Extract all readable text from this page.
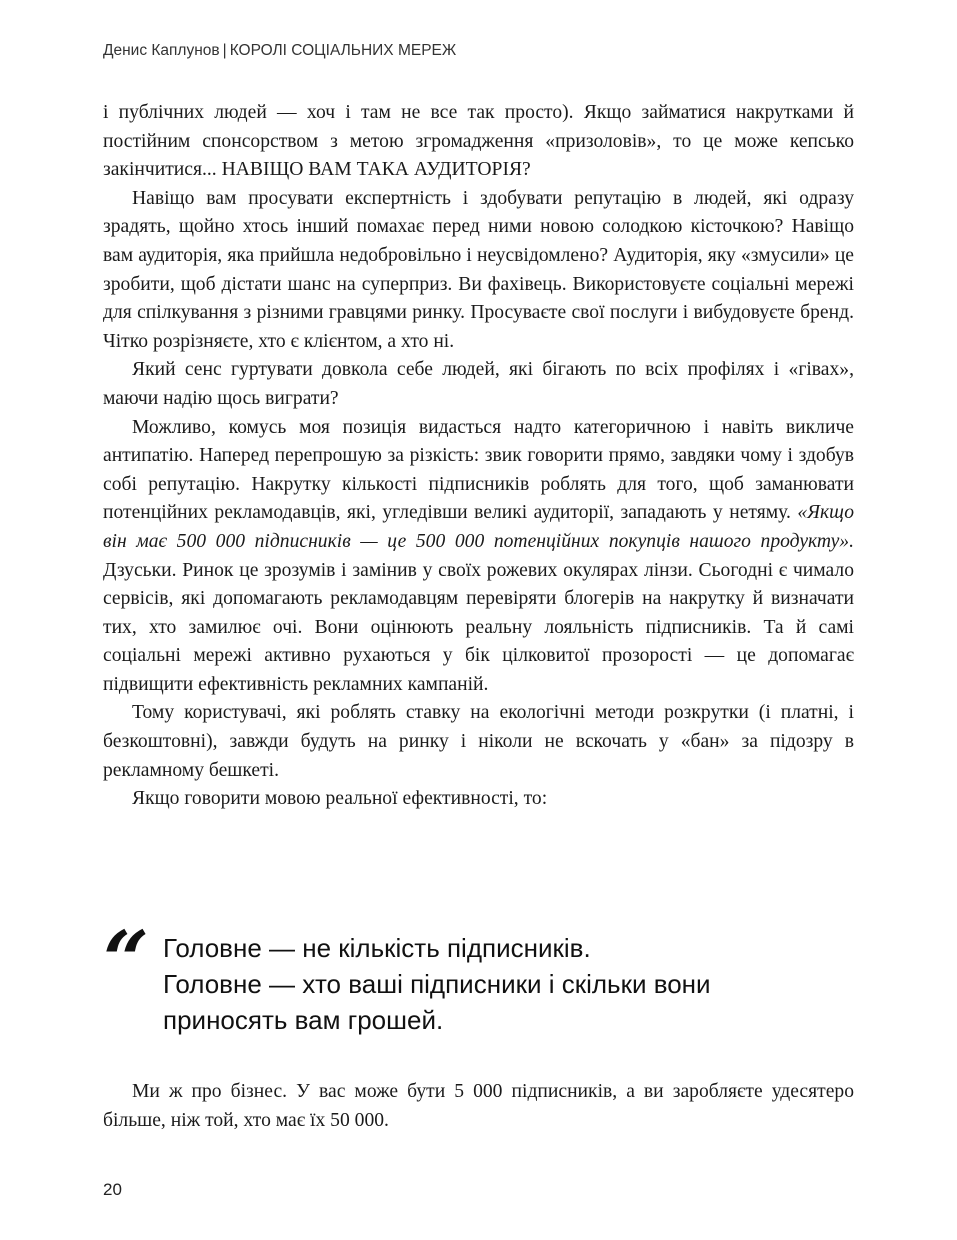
Денис Каплунов | КОРОЛІ СОЦІАЛЬНИХ МЕРЕЖ

і публічних людей — хоч і там не все так просто). Якщо займатися накрутками й постійним спонсорством з метою згромадження «призоловів», то це може кепсько закінчитися... НАВІЩО ВАМ ТАКА АУДИТОРІЯ?

Навіщо вам просувати експертність і здобувати репутацію в людей, які одразу зрадять, щойно хтось інший помахає перед ними новою солодкою кісточкою? Навіщо вам аудиторія, яка прийшла недобровільно і неусвідомлено? Аудиторія, яку «змусили» це зробити, щоб дістати шанс на суперприз. Ви фахівець. Використовуєте соціальні мережі для спілкування з різними гравцями ринку. Просуваєте свої послуги і вибудовуєте бренд. Чітко розрізняєте, хто є клієнтом, а хто ні.

Який сенс гуртувати довкола себе людей, які бігають по всіх профілях і «гівах», маючи надію щось виграти?

Можливо, комусь моя позиція видасться надто категоричною і навіть викличе антипатію. Наперед перепрошую за різкість: звик говорити прямо, завдяки чому і здобув собі репутацію. Накрутку кількості підписників роблять для того, щоб заманювати потенційних рекламодавців, які, угледівши великі аудиторії, западають у нетяму. «Якщо він має 500 000 підписників — це 500 000 потенційних покупців нашого продукту». Дзуськи. Ринок це зрозумів і замінив у своїх рожевих окулярах лінзи. Сьогодні є чимало сервісів, які допомагають рекламодавцям перевіряти блогерів на накрутку й визначати тих, хто замилює очі. Вони оцінюють реальну лояльність підписників. Та й самі соціальні мережі активно рухаються у бік цілковитої прозорості — це допомагає підвищити ефективність рекламних кампаній.

Тому користувачі, які роблять ставку на екологічні методи розкрутки (і платні, і безкоштовні), завжди будуть на ринку і ніколи не вскочать у «бан» за підозру в рекламному бешкеті.

Якщо говорити мовою реальної ефективності, то:

“ Головне — не кількість підписників.
Головне — хто ваші підписники і скільки вони
приносять вам грошей.

Ми ж про бізнес. У вас може бути 5 000 підписників, а ви заробляєте удесятеро більше, ніж той, хто має їх 50 000.

20
